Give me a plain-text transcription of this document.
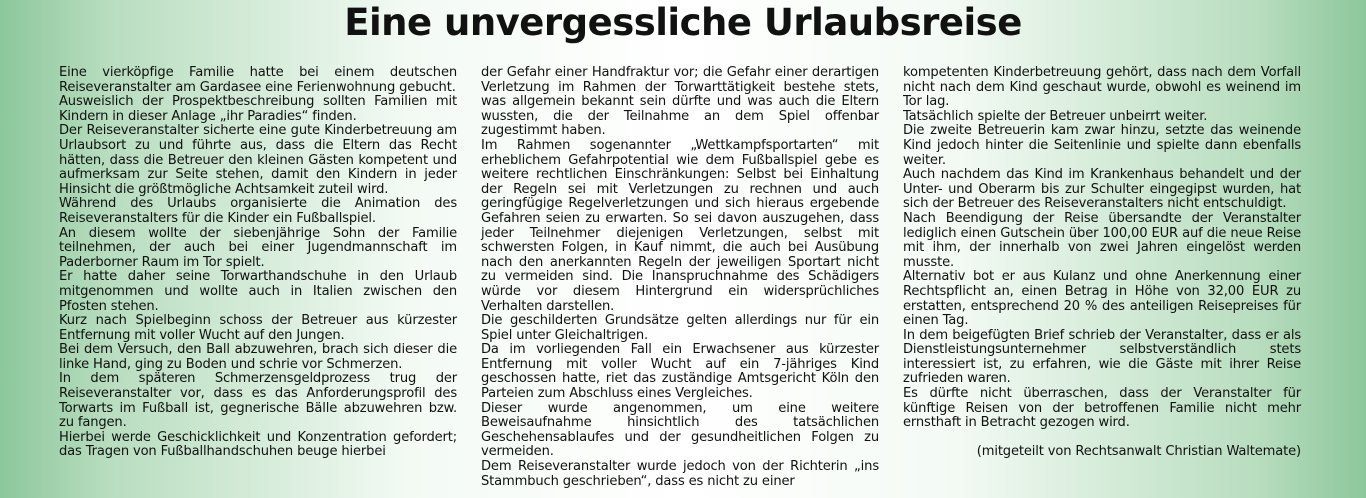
Eine unvergessliche Urlaubsreise

Eine vierköpfige Familie hatte bei einem deutschen Reiseveranstalter am Gardasee eine Ferienwohnung gebucht.

Ausweislich der Prospektbeschreibung sollten Familien mit Kindern in dieser Anlage „ihr Paradies“ finden.

Der Reiseveranstalter sicherte eine gute Kinderbetreuung am Urlaubsort zu und führte aus, dass die Eltern das Recht hätten, dass die Betreuer den kleinen Gästen kompetent und aufmerksam zur Seite stehen, damit den Kindern in jeder Hinsicht die größtmögliche Achtsamkeit zuteil wird.

Während des Urlaubs organisierte die Animation des Reiseveranstalters für die Kinder ein Fußballspiel.

An diesem wollte der siebenjährige Sohn der Familie teilnehmen, der auch bei einer Jugendmannschaft im Paderborner Raum im Tor spielt.

Er hatte daher seine Torwarthandschuhe in den Urlaub mitgenommen und wollte auch in Italien zwischen den Pfosten stehen.

Kurz nach Spielbeginn schoss der Betreuer aus kürzester Entfernung mit voller Wucht auf den Jungen.

Bei dem Versuch, den Ball abzuwehren, brach sich dieser die linke Hand, ging zu Boden und schrie vor Schmerzen.

In dem späteren Schmerzensgeldprozess trug der Reiseveranstalter vor, dass es das Anforderungsprofil des Torwarts im Fußball ist, gegnerische Bälle abzuwehren bzw. zu fangen.

Hierbei werde Geschicklichkeit und Konzentration gefordert; das Tragen von Fußballhandschuhen beuge hierbei

der Gefahr einer Handfraktur vor; die Gefahr einer derartigen Verletzung im Rahmen der Torwarttätigkeit bestehe stets, was allgemein bekannt sein dürfte und was auch die Eltern wussten, die der Teilnahme an dem Spiel offenbar zugestimmt haben.

Im Rahmen sogenannter „Wettkampfsportarten“ mit erheblichem Gefahrpotential wie dem Fußballspiel gebe es weitere rechtlichen Einschränkungen: Selbst bei Einhaltung der Regeln sei mit Verletzungen zu rechnen und auch geringfügige Regelverletzungen und sich hieraus ergebende Gefahren seien zu erwarten. So sei davon auszugehen, dass jeder Teilnehmer diejenigen Verletzungen, selbst mit schwersten Folgen, in Kauf nimmt, die auch bei Ausübung nach den anerkannten Regeln der jeweiligen Sportart nicht zu vermeiden sind. Die Inanspruchnahme des Schädigers würde vor diesem Hintergrund ein widersprüchliches Verhalten darstellen.

Die geschilderten Grundsätze gelten allerdings nur für ein Spiel unter Gleichaltrigen.

Da im vorliegenden Fall ein Erwachsener aus kürzester Entfernung mit voller Wucht auf ein 7-jähriges Kind geschossen hatte, riet das zuständige Amtsgericht Köln den Parteien zum Abschluss eines Vergleiches.

Dieser wurde angenommen, um eine weitere Beweisaufnahme hinsichtlich des tatsächlichen Geschehensablaufes und der gesundheitlichen Folgen zu vermeiden.

Dem Reiseveranstalter wurde jedoch von der Richterin „ins Stammbuch geschrieben“, dass es nicht zu einer

kompetenten Kinderbetreuung gehört, dass nach dem Vorfall nicht nach dem Kind geschaut wurde, obwohl es weinend im Tor lag.

Tatsächlich spielte der Betreuer unbeirrt weiter.

Die zweite Betreuerin kam zwar hinzu, setzte das weinende Kind jedoch hinter die Seitenlinie und spielte dann ebenfalls weiter.

Auch nachdem das Kind im Krankenhaus behandelt und der Unter- und Oberarm bis zur Schulter eingegipst wurden, hat sich der Betreuer des Reiseveranstalters nicht entschuldigt.

Nach Beendigung der Reise übersandte der Veranstalter lediglich einen Gutschein über 100,00 EUR auf die neue Reise mit ihm, der innerhalb von zwei Jahren eingelöst werden musste.

Alternativ bot er aus Kulanz und ohne Anerkennung einer Rechtspflicht an, einen Betrag in Höhe von 32,00 EUR zu erstatten, entsprechend 20 % des anteiligen Reisepreises für einen Tag.

In dem beigefügten Brief schrieb der Veranstalter, dass er als Dienstleistungsunternehmer selbstverständlich stets interessiert ist, zu erfahren, wie die Gäste mit ihrer Reise zufrieden waren.

Es dürfte nicht überraschen, dass der Veranstalter für künftige Reisen von der betroffenen Familie nicht mehr ernsthaft in Betracht gezogen wird.

(mitgeteilt von Rechtsanwalt Christian Waltemate)
